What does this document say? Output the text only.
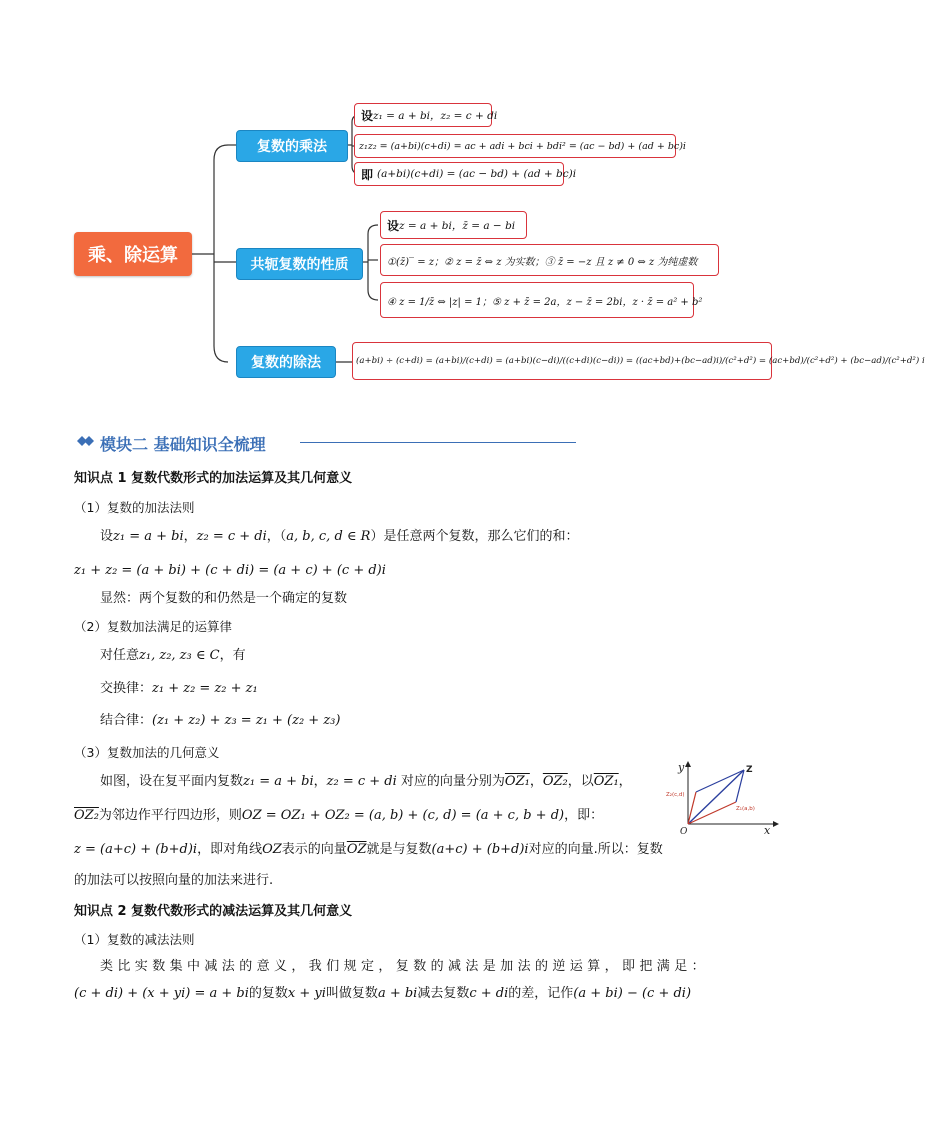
乘、除运算
复数的乘法
共轭复数的性质
复数的除法
设 z₁ = a + bi，z₂ = c + di
z₁z₂ = (a+bi)(c+di) = ac + adi + bci + bdi² = (ac − bd) + (ad + bc)i
即 (a+bi)(c+di) = (ac − bd) + (ad + bc)i
设 z = a + bi，z̄ = a − bi
①(z̄)‾ = z；② z = z̄ ⇔ z 为实数；③ z̄ = −z 且 z ≠ 0 ⇔ z 为纯虚数
④ z = 1/z̄ ⇔ |z| = 1；⑤ z + z̄ = 2a，z − z̄ = 2bi，z · z̄ = a² + b²
(a+bi) ÷ (c+di) = (a+bi)/(c+di) = (a+bi)(c−di)/((c+di)(c−di)) = ((ac+bd)+(bc−ad)i)/(c²+d²) = (ac+bd)/(c²+d²) + (bc−ad)/(c²+d²) i
模块二 基础知识全梳理
知识点 1 复数代数形式的加法运算及其几何意义
（1）复数的加法法则
设z₁ = a + bi，z₂ = c + di，（a, b, c, d ∈ R）是任意两个复数，那么它们的和：
z₁ + z₂ = (a + bi) + (c + di) = (a + c) + (c + d)i
显然：两个复数的和仍然是一个确定的复数
（2）复数加法满足的运算律
对任意z₁, z₂, z₃ ∈ C，有
交换律：z₁ + z₂ = z₂ + z₁
结合律：(z₁ + z₂) + z₃ = z₁ + (z₂ + z₃)
（3）复数加法的几何意义
如图，设在复平面内复数z₁ = a + bi，z₂ = c + di 对应的向量分别为OZ₁，OZ₂，以OZ₁，
OZ₂为邻边作平行四边形，则OZ = OZ₁ + OZ₂ = (a, b) + (c, d) = (a + c, b + d)，即：
z = (a+c) + (b+d)i，即对角线OZ表示的向量$\overline{OZ}$就是与复数(a+c) + (b+d)i对应的向量.所以：复数
的加法可以按照向量的加法来进行.
y
x
O
Z
Z₁(a,b)
Z₂(c,d)
知识点 2 复数代数形式的减法运算及其几何意义
（1）复数的减法法则
类比实数集中减法的意义，我们规定，复数的减法是加法的逆运算，即把满足：
(c + di) + (x + yi) = a + bi的复数x + yi叫做复数a + bi减去复数c + di的差，记作(a + bi) − (c + di)
